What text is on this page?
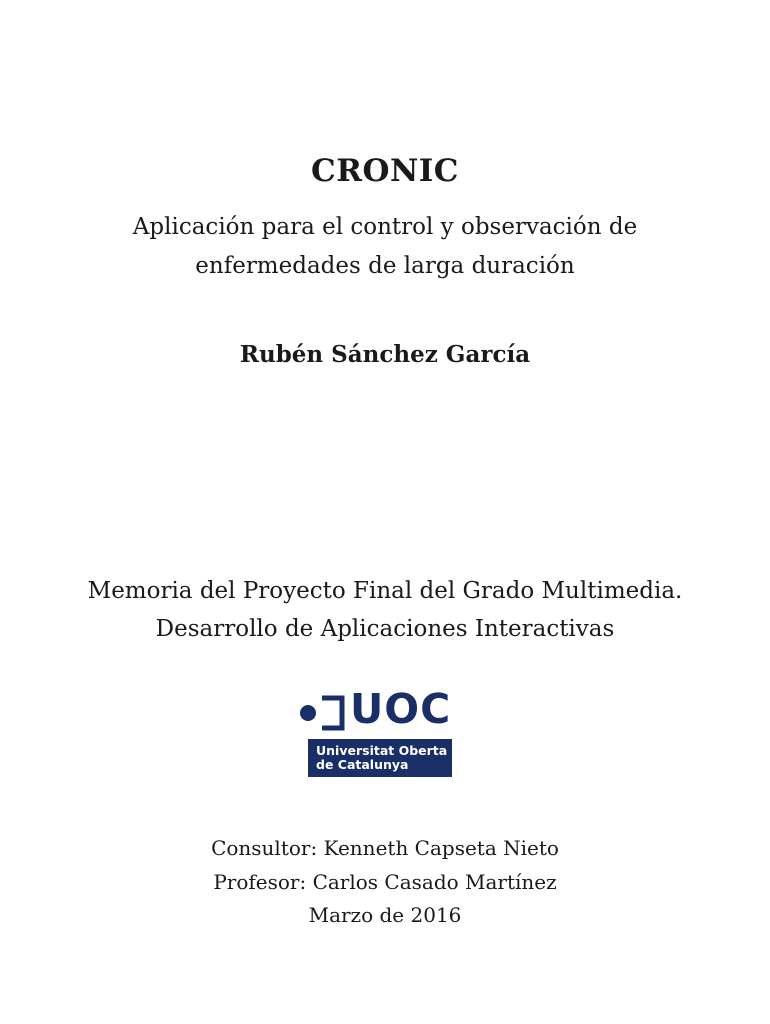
CRONIC
Aplicación para el control y observación de
enfermedades de larga duración
Rubén Sánchez García
Memoria del Proyecto Final del Grado Multimedia.
Desarrollo de Aplicaciones Interactivas
UOC
Universitat Oberta
de Catalunya
Consultor: Kenneth Capseta Nieto
Profesor: Carlos Casado Martínez
Marzo de 2016
